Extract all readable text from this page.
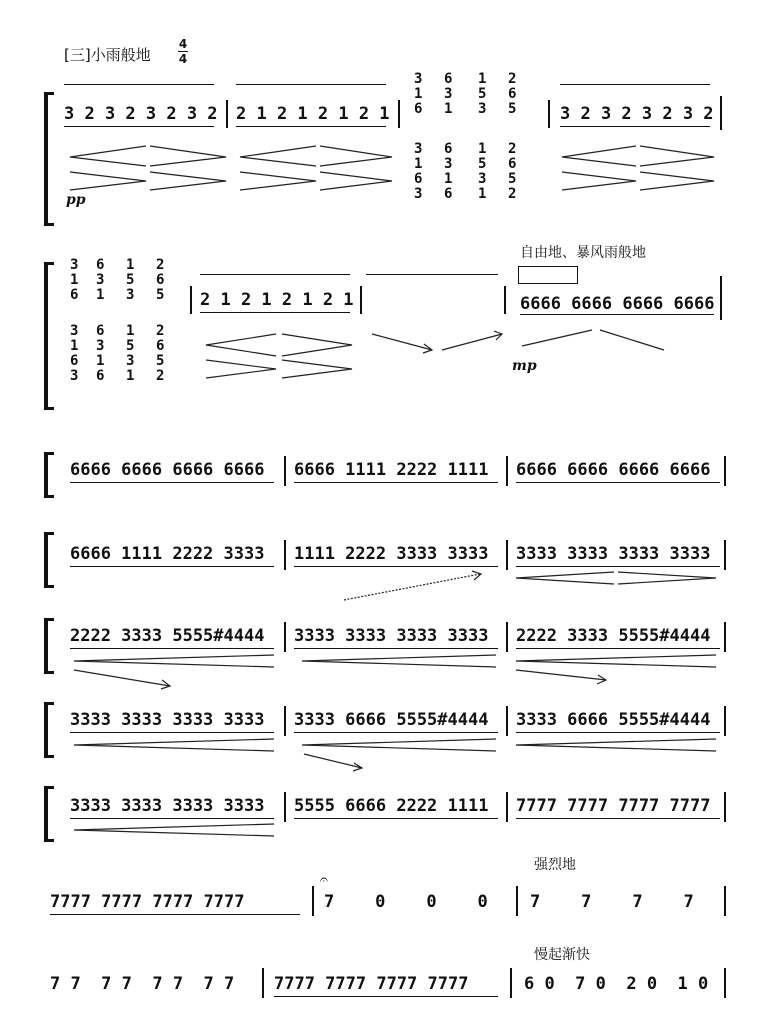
[三]小雨般地
4
4
3 2 3 2 3 2 3 2 2 1 2 1 2 1 2 1
3
1
6
6
3
1
1
5
3
2
6
5
3
1
6
3
6
3
1
6
1
5
3
1
2
6
5
2
3 2 3 2 3 2 3 2
pp
3
1
6
6
3
1
1
5
3
2
6
5
3
1
6
3
6
3
1
6
1
5
3
1
2
6
5
2
2 1 2 1 2 1 2 1
自由地、暴风雨般地
6666 6666 6666 6666
mp
6666 6666 6666 6666 6666 1111 2222 1111 6666 6666 6666 6666
6666 1111 2222 3333 1111 2222 3333 3333 3333 3333 3333 3333
2222 3333 5555#4444 3333 3333 3333 3333 2222 3333 5555#4444
3333 3333 3333 3333 3333 6666 5555#4444 3333 6666 5555#4444
3333 3333 3333 3333 5555 6666 2222 1111 7777 7777 7777 7777
强烈地
7777 7777 7777 7777
𝄐
7    0    0    0 7    7    7    7
慢起渐快
7 7  7 7  7 7  7 7 7777 7777 7777 7777	6 0  7 0  2 0  1 0
